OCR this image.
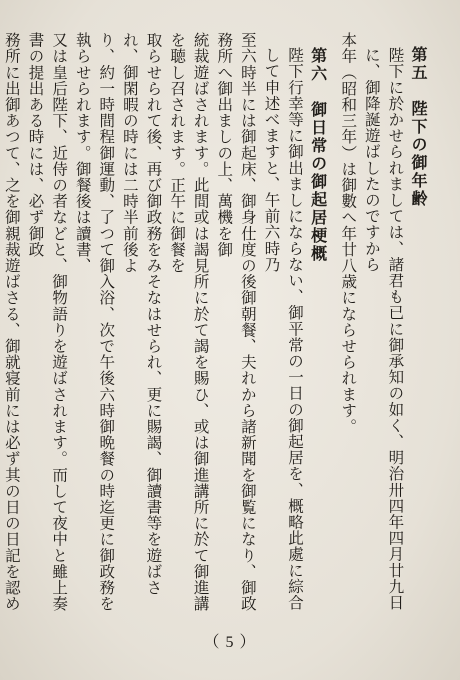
第五　陛下の御年齢

陛下に於かせられましては、諸君も已に御承知の如く、明治卅四年四月廿九日に、御降誕遊ばしたのですから

本年（昭和三年）は御數へ年廿八歳にならせられます。

第六　御日常の御起居梗概

陛下行幸等に御出ましにならない、御平常の一日の御起居を、概略此處に綜合して申述べますと、午前六時乃

至六時半には御起床、御身仕度の後御朝餐、夫れから諸新聞を御覧になり、御政務所へ御出ましの上、萬機を御

統裁遊ばされます。此間或は謁見所に於て謁を賜ひ、或は御進講所に於て御進講を聴し召されます。正午に御餐を

取らせられて後、再び御政務をみそなはせられ、更に賜謁、御讀書等を遊ばされ、御閑暇の時には二時半前後よ

り、約一時間程御運動、了つて御入浴、次で午後六時御晩餐の時迄更に御政務を執らせられます。御餐後は讀書、

又は皇后陛下、近侍の者などと、御物語りを遊ばされます。而して夜中と雖上奏書の提出ある時には、必ず御政

務所に出御あつて、之を御親裁遊ばさる、御就寝前には必ず其の日の日記を認め

（ 5 ）
